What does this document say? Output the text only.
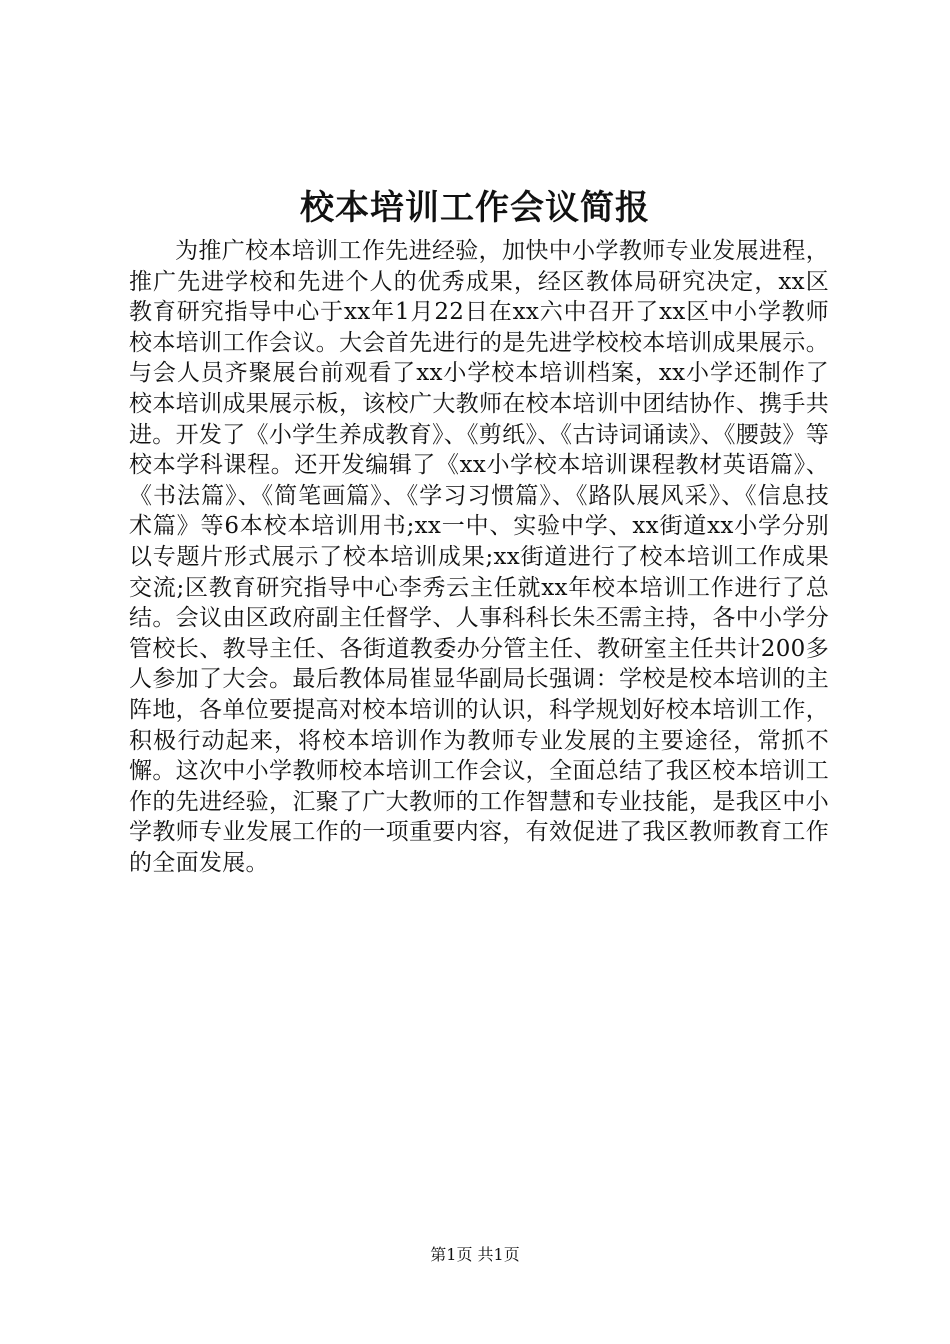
校本培训工作会议简报

为推广校本培训工作先进经验，加快中小学教师专业发展进程，推广先进学校和先进个人的优秀成果，经区教体局研究决定，xx区教育研究指导中心于xx年1月22日在xx六中召开了xx区中小学教师校本培训工作会议。大会首先进行的是先进学校校本培训成果展示。与会人员齐聚展台前观看了xx小学校本培训档案，xx小学还制作了校本培训成果展示板，该校广大教师在校本培训中团结协作、携手共进。开发了《小学生养成教育》、《剪纸》、《古诗词诵读》、《腰鼓》等校本学科课程。还开发编辑了《xx小学校本培训课程教材英语篇》、《书法篇》、《简笔画篇》、《学习习惯篇》、《路队展风采》、《信息技术篇》等6本校本培训用书;xx一中、实验中学、xx街道xx小学分别以专题片形式展示了校本培训成果;xx街道进行了校本培训工作成果交流;区教育研究指导中心李秀云主任就xx年校本培训工作进行了总结。会议由区政府副主任督学、人事科科长朱丕需主持，各中小学分管校长、教导主任、各街道教委办分管主任、教研室主任共计200多人参加了大会。最后教体局崔显华副局长强调：学校是校本培训的主阵地，各单位要提高对校本培训的认识，科学规划好校本培训工作，积极行动起来，将校本培训作为教师专业发展的主要途径，常抓不懈。这次中小学教师校本培训工作会议，全面总结了我区校本培训工作的先进经验，汇聚了广大教师的工作智慧和专业技能，是我区中小学教师专业发展工作的一项重要内容，有效促进了我区教师教育工作的全面发展。

第1页 共1页
